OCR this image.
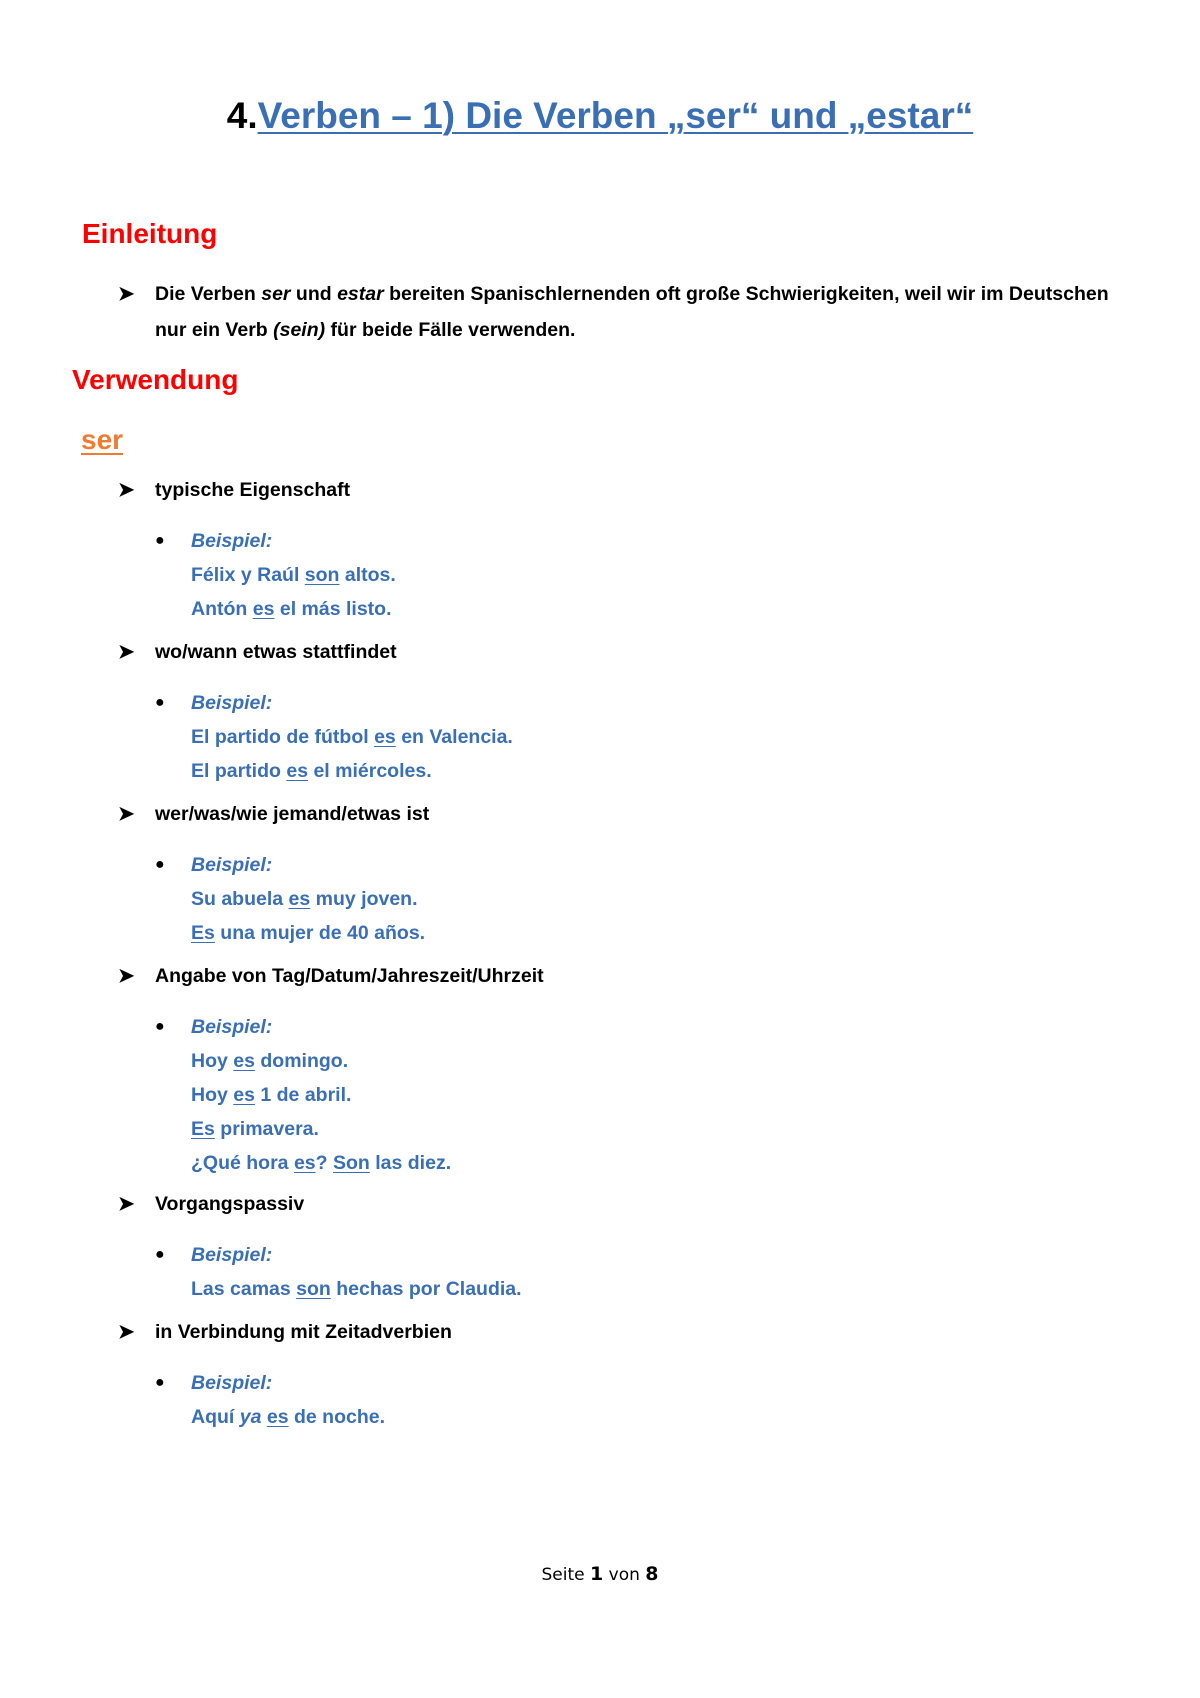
4.Verben – 1) Die Verben „ser“ und „estar“
Einleitung
➤ Die Verben ser und estar bereiten Spanischlernenden oft große Schwierigkeiten, weil wir im Deutschen nur ein Verb (sein) für beide Fälle verwenden.
Verwendung
ser
➤ typische Eigenschaft
● Beispiel:
Félix y Raúl son altos.
Antón es el más listo.
➤ wo/wann etwas stattfindet
● Beispiel:
El partido de fútbol es en Valencia.
El partido es el miércoles.
➤ wer/was/wie jemand/etwas ist
● Beispiel:
Su abuela es muy joven.
Es una mujer de 40 años.
➤ Angabe von Tag/Datum/Jahreszeit/Uhrzeit
● Beispiel:
Hoy es domingo.
Hoy es 1 de abril.
Es primavera.
¿Qué hora es? Son las diez.
➤ Vorgangspassiv
● Beispiel:
Las camas son hechas por Claudia.
➤ in Verbindung mit Zeitadverbien
● Beispiel:
Aquí ya es de noche.
Seite 1 von 8
